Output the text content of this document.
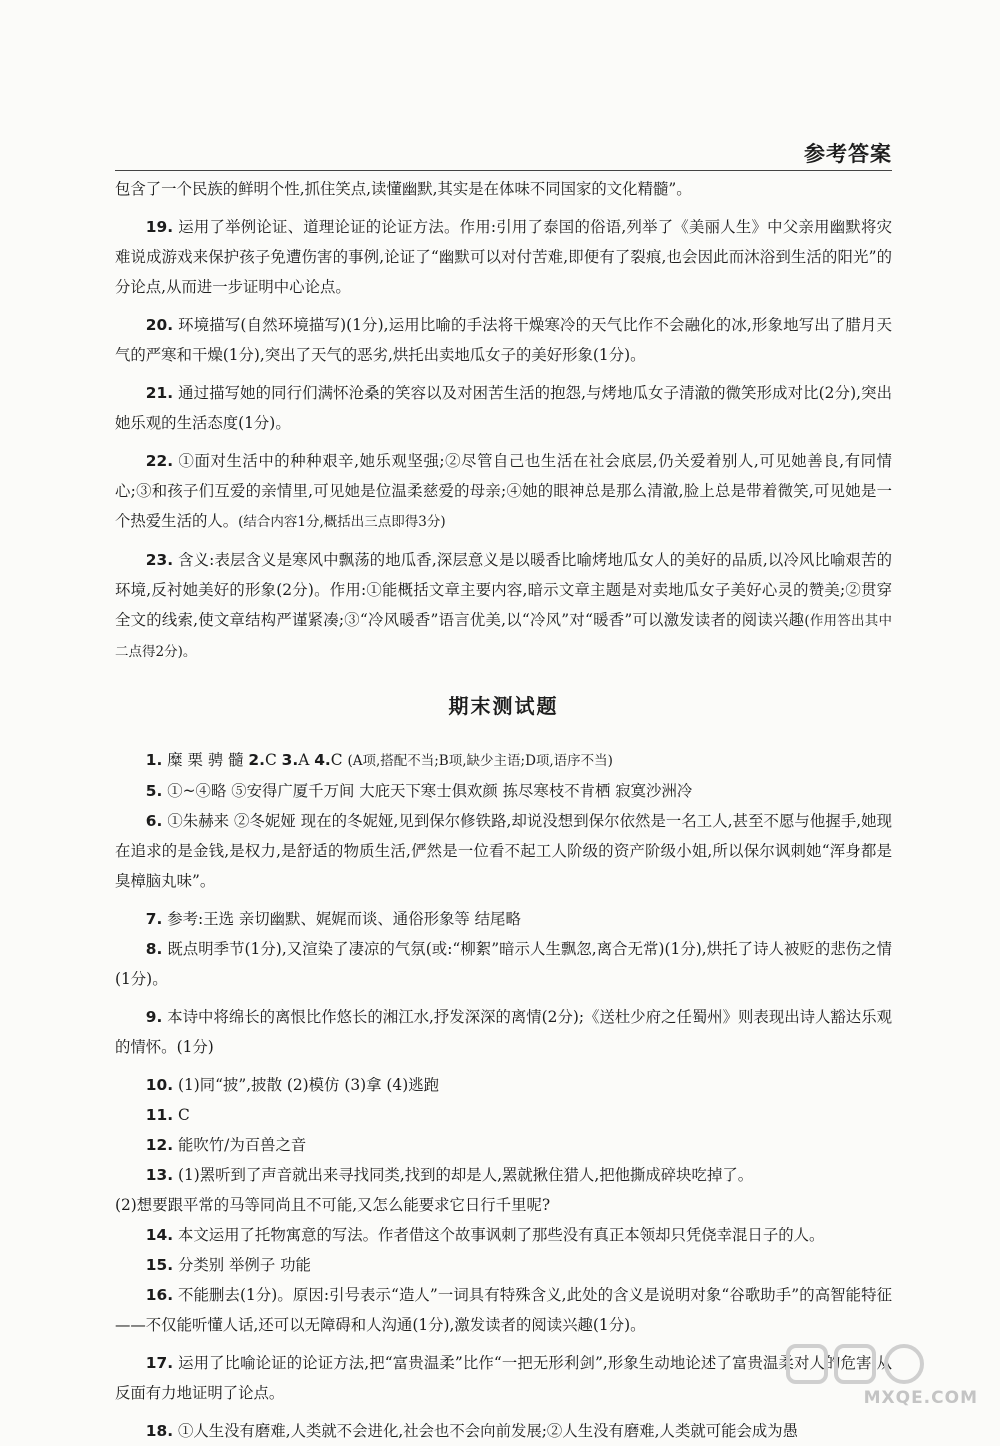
参考答案

包含了一个民族的鲜明个性,抓住笑点,读懂幽默,其实是在体味不同国家的文化精髓”。

19. 运用了举例论证、道理论证的论证方法。作用:引用了泰国的俗语,列举了《美丽人生》中父亲用幽默将灾难说成游戏来保护孩子免遭伤害的事例,论证了“幽默可以对付苦难,即便有了裂痕,也会因此而沐浴到生活的阳光”的分论点,从而进一步证明中心论点。

20. 环境描写(自然环境描写)(1分),运用比喻的手法将干燥寒冷的天气比作不会融化的冰,形象地写出了腊月天气的严寒和干燥(1分),突出了天气的恶劣,烘托出卖地瓜女子的美好形象(1分)。

21. 通过描写她的同行们满怀沧桑的笑容以及对困苦生活的抱怨,与烤地瓜女子清澈的微笑形成对比(2分),突出她乐观的生活态度(1分)。

22. ①面对生活中的种种艰辛,她乐观坚强;②尽管自己也生活在社会底层,仍关爱着别人,可见她善良,有同情心;③和孩子们互爱的亲情里,可见她是位温柔慈爱的母亲;④她的眼神总是那么清澈,脸上总是带着微笑,可见她是一个热爱生活的人。(结合内容1分,概括出三点即得3分)

23. 含义:表层含义是寒风中飘荡的地瓜香,深层意义是以暖香比喻烤地瓜女人的美好的品质,以冷风比喻艰苦的环境,反衬她美好的形象(2分)。作用:①能概括文章主要内容,暗示文章主题是对卖地瓜女子美好心灵的赞美;②贯穿全文的线索,使文章结构严谨紧凑;③“冷风暖香”语言优美,以“冷风”对“暖香”可以激发读者的阅读兴趣(作用答出其中二点得2分)。

期末测试题

1. 糜 栗 骋 髓 2.C 3.A 4.C (A项,搭配不当;B项,缺少主语;D项,语序不当)

5. ①~④略 ⑤安得广厦千万间 大庇天下寒士俱欢颜 拣尽寒枝不肯栖 寂寞沙洲冷

6. ①朱赫来 ②冬妮娅 现在的冬妮娅,见到保尔修铁路,却说没想到保尔依然是一名工人,甚至不愿与他握手,她现在追求的是金钱,是权力,是舒适的物质生活,俨然是一位看不起工人阶级的资产阶级小姐,所以保尔讽刺她“浑身都是臭樟脑丸味”。

7. 参考:王选 亲切幽默、娓娓而谈、通俗形象等 结尾略

8. 既点明季节(1分),又渲染了凄凉的气氛(或:“柳絮”暗示人生飘忽,离合无常)(1分),烘托了诗人被贬的悲伤之情(1分)。

9. 本诗中将绵长的离恨比作悠长的湘江水,抒发深深的离情(2分);《送杜少府之任蜀州》则表现出诗人豁达乐观的情怀。(1分)

10. (1)同“披”,披散 (2)模仿 (3)拿 (4)逃跑

11. C

12. 能吹竹/为百兽之音

13. (1)罴听到了声音就出来寻找同类,找到的却是人,罴就揪住猎人,把他撕成碎块吃掉了。

(2)想要跟平常的马等同尚且不可能,又怎么能要求它日行千里呢?

14. 本文运用了托物寓意的写法。作者借这个故事讽刺了那些没有真正本领却只凭侥幸混日子的人。

15. 分类别 举例子 功能

16. 不能删去(1分)。原因:引号表示“造人”一词具有特殊含义,此处的含义是说明对象“谷歌助手”的高智能特征——不仅能听懂人话,还可以无障碍和人沟通(1分),激发读者的阅读兴趣(1分)。

17. 运用了比喻论证的论证方法,把“富贵温柔”比作“一把无形利剑”,形象生动地论述了富贵温柔对人的危害,从反面有力地证明了论点。

18. ①人生没有磨难,人类就不会进化,社会也不会向前发展;②人生没有磨难,人类就可能会成为愚

MXQE.COM
